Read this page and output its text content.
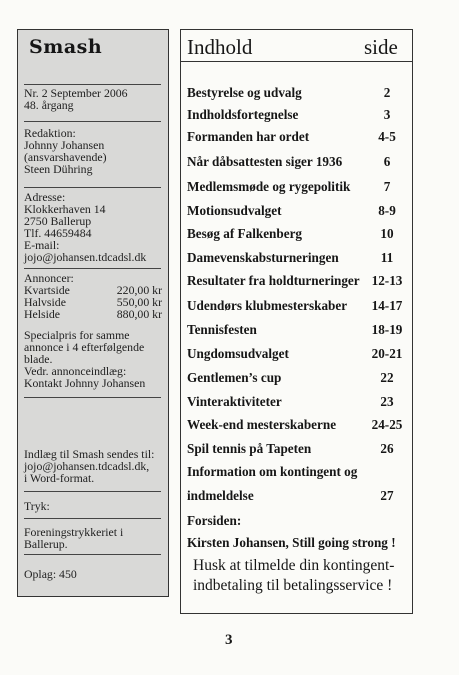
Smash
Nr. 2 September 2006
48. årgang
Redaktion:
Johnny Johansen
(ansvarshavende)
Steen Dühring
Adresse:
Klokkerhaven 14
2750 Ballerup
Tlf. 44659484
E-mail:
jojo@johansen.tdcadsl.dk
Annoncer:
Kvartside	220,00 kr
Halvside	550,00 kr
Helside	880,00 kr
Specialpris for samme
annonce i 4 efterfølgende
blade.
Vedr. annonceindlæg:
Kontakt Johnny Johansen
Indlæg til Smash sendes til:
jojo@johansen.tdcadsl.dk,
i Word-format.
Tryk:
Foreningstrykkeriet i
Ballerup.
Oplag: 450
Indhold	side
Bestyrelse og udvalg	2
Indholdsfortegnelse	3
Formanden har ordet	4-5
Når dåbsattesten siger 1936	6
Medlemsmøde og rygepolitik	7
Motionsudvalget	8-9
Besøg af Falkenberg	10
Damevenskabsturneringen	11
Resultater fra holdturneringer 12-13
Udendørs klubmesterskaber	14-17
Tennisfesten	18-19
Ungdomsudvalget	20-21
Gentlemen’s cup	22
Vinteraktiviteter	23
Week-end mesterskaberne	24-25
Spil tennis på Tapeten	26
Information om kontingent og
indmeldelse	27
Forsiden:
Kirsten Johansen, Still going strong !
Husk at tilmelde din kontingent-
indbetaling til betalingsservice !
3
